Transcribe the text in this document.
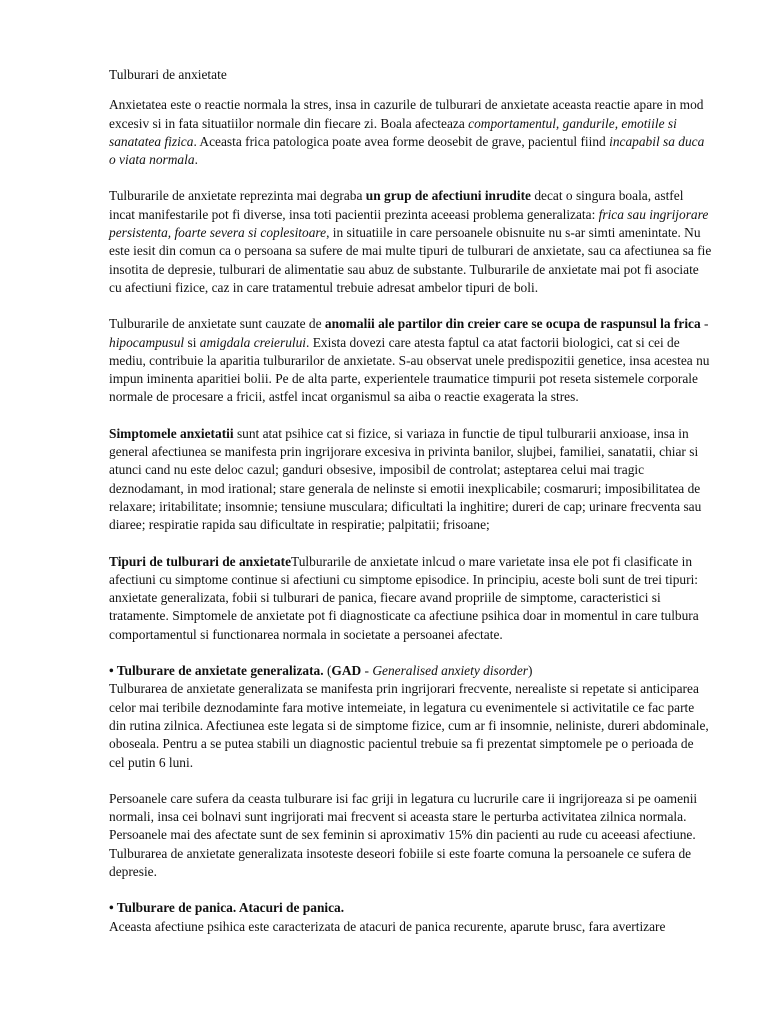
Tulburari de anxietate

Anxietatea este o reactie normala la stres, insa in cazurile de tulburari de anxietate aceasta reactie apare in mod excesiv si in fata situatiilor normale din fiecare zi. Boala afecteaza comportamentul, gandurile, emotiile si sanatatea fizica. Aceasta frica patologica poate avea forme deosebit de grave, pacientul fiind incapabil sa duca o viata normala.

Tulburarile de anxietate reprezinta mai degraba un grup de afectiuni inrudite decat o singura boala, astfel incat manifestarile pot fi diverse, insa toti pacientii prezinta aceeasi problema generalizata: frica sau ingrijorare persistenta, foarte severa si coplesitoare, in situatiile in care persoanele obisnuite nu s-ar simti amenintate. Nu este iesit din comun ca o persoana sa sufere de mai multe tipuri de tulburari de anxietate, sau ca afectiunea sa fie insotita de depresie, tulburari de alimentatie sau abuz de substante. Tulburarile de anxietate mai pot fi asociate cu afectiuni fizice, caz in care tratamentul trebuie adresat ambelor tipuri de boli.

Tulburarile de anxietate sunt cauzate de anomalii ale partilor din creier care se ocupa de raspunsul la frica - hipocampusul si amigdala creierului. Exista dovezi care atesta faptul ca atat factorii biologici, cat si cei de mediu, contribuie la aparitia tulburarilor de anxietate. S-au observat unele predispozitii genetice, insa acestea nu impun iminenta aparitiei bolii. Pe de alta parte, experientele traumatice timpurii pot reseta sistemele corporale normale de procesare a fricii, astfel incat organismul sa aiba o reactie exagerata la stres.

Simptomele anxietatii sunt atat psihice cat si fizice, si variaza in functie de tipul tulburarii anxioase, insa in general afectiunea se manifesta prin ingrijorare excesiva in privinta banilor, slujbei, familiei, sanatatii, chiar si atunci cand nu este deloc cazul; ganduri obsesive, imposibil de controlat; asteptarea celui mai tragic deznodamant, in mod irational; stare generala de nelinste si emotii inexplicabile; cosmaruri; imposibilitatea de relaxare; iritabilitate; insomnie; tensiune musculara; dificultati la inghitire; dureri de cap; urinare frecventa sau diaree; respiratie rapida sau dificultate in respiratie; palpitatii; frisoane;

Tipuri de tulburari de anxietateTulburarile de anxietate inlcud o mare varietate insa ele pot fi clasificate in afectiuni cu simptome continue si afectiuni cu simptome episodice. In principiu, aceste boli sunt de trei tipuri: anxietate generalizata, fobii si tulburari de panica, fiecare avand propriile de simptome, caracteristici si tratamente. Simptomele de anxietate pot fi diagnosticate ca afectiune psihica doar in momentul in care tulbura comportamentul si functionarea normala in societate a persoanei afectate.

• Tulburare de anxietate generalizata. (GAD - Generalised anxiety disorder)

Tulburarea de anxietate generalizata se manifesta prin ingrijorari frecvente, nerealiste si repetate si anticiparea celor mai teribile deznodaminte fara motive intemeiate, in legatura cu evenimentele si activitatile ce fac parte din rutina zilnica. Afectiunea este legata si de simptome fizice, cum ar fi insomnie, neliniste, dureri abdominale, oboseala. Pentru a se putea stabili un diagnostic pacientul trebuie sa fi prezentat simptomele pe o perioada de cel putin 6 luni.

Persoanele care sufera da ceasta tulburare isi fac griji in legatura cu lucrurile care ii ingrijoreaza si pe oamenii normali, insa cei bolnavi sunt ingrijorati mai frecvent si aceasta stare le perturba activitatea zilnica normala. Persoanele mai des afectate sunt de sex feminin si aproximativ 15% din pacienti au rude cu aceeasi afectiune. Tulburarea de anxietate generalizata insoteste deseori fobiile si este foarte comuna la persoanele ce sufera de depresie.

• Tulburare de panica. Atacuri de panica.

Aceasta afectiune psihica este caracterizata de atacuri de panica recurente, aparute brusc, fara avertizare
